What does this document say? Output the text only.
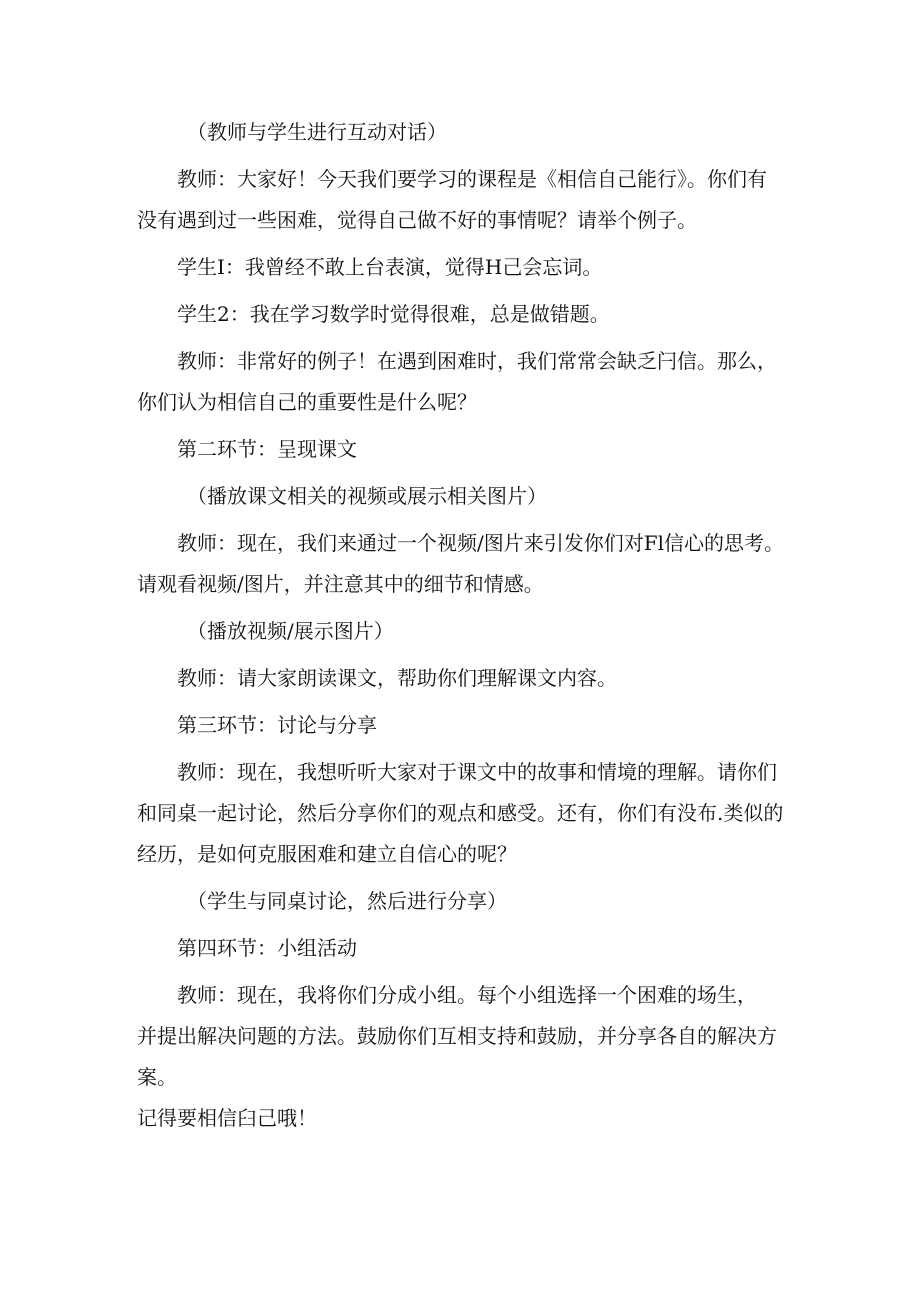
（教师与学生进行互动对话）
教师：大家好！今天我们要学习的课程是《相信自己能行》。你们有
没有遇到过一些困难，觉得自己做不好的事情呢？请举个例子。
学生I：我曾经不敢上台表演，觉得H己会忘词。
学生2：我在学习数学时觉得很难，总是做错题。
教师：非常好的例子！在遇到困难时，我们常常会缺乏闩信。那么，
你们认为相信自己的重要性是什么呢？
第二环节：呈现课文
（播放课文相关的视频或展示相关图片）
教师：现在，我们来通过一个视频/图片来引发你们对Fl信心的思考。
请观看视频/图片，并注意其中的细节和情感。
（播放视频/展示图片）
教师：请大家朗读课文，帮助你们理解课文内容。
第三环节：讨论与分享
教师：现在，我想听听大家对于课文中的故事和情境的理解。请你们
和同桌一起讨论，然后分享你们的观点和感受。还有，你们有没布.类似的
经历，是如何克服困难和建立自信心的呢？
（学生与同桌讨论，然后进行分享）
第四环节：小组活动
教师：现在，我将你们分成小组。每个小组选择一个困难的场生，
并提出解决问题的方法。鼓励你们互相支持和鼓励，并分享各自的解决方案。
记得要相信臼己哦！
